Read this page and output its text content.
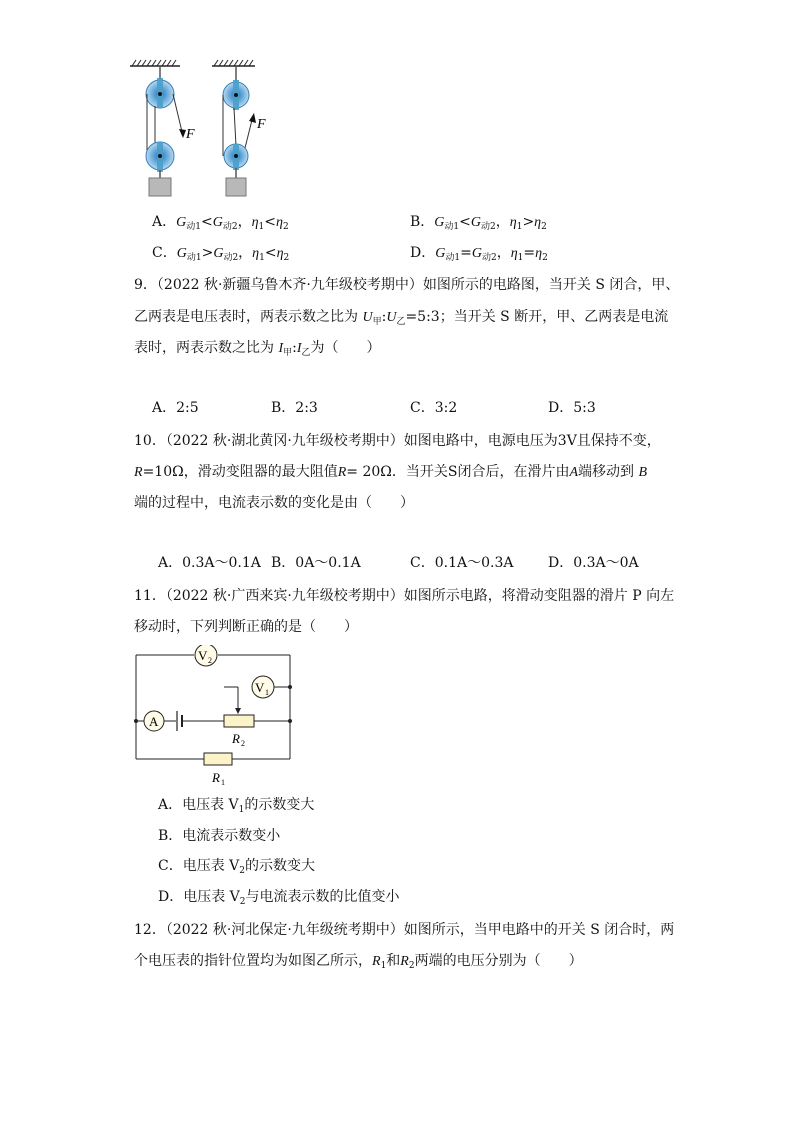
F
F
A．$G_{动1}<G_{动2}$，$\eta_1<\eta_2$	B．$G_{动1}<G_{动2}$，$\eta_1>\eta_2$
C．$G_{动1}>G_{动2}$，$\eta_1<\eta_2$	D．$G_{动1}=G_{动2}$，$\eta_1=\eta_2$
9．（2022 秋·新疆乌鲁木齐·九年级校考期中）如图所示的电路图，当开关 S 闭合，甲、
乙两表是电压表时，两表示数之比为 $U_甲:U_乙=5:3$；当开关 S 断开，甲、乙两表是电流
表时，两表示数之比为 $I_甲:I_乙$为（　　）
A．2:5	B．2:3	C．3:2	D．5:3
10．（2022 秋·湖北黄冈·九年级校考期中）如图电路中，电源电压为3V且保持不变，
R=10Ω，滑动变阻器的最大阻值R= 20Ω．当开关S闭合后，在滑片由A端移动到 B
端的过程中，电流表示数的变化是由（　　）
A．0.3A～0.1A B．0A～0.1A	C．0.1A～0.3A D．0.3A～0A
11．（2022 秋·广西来宾·九年级校考期中）如图所示电路，将滑动变阻器的滑片 P 向左
移动时，下列判断正确的是（　　）
V 2
V 1
A
R 2
R 1
A．电压表 $V_1$的示数变大
B．电流表示数变小
C．电压表 $V_2$的示数变大
D．电压表 $V_2$与电流表示数的比值变小
12．（2022 秋·河北保定·九年级统考期中）如图所示，当甲电路中的开关 S 闭合时，两
个电压表的指针位置均为如图乙所示，$R_1$和$R_2$两端的电压分别为（　　）
